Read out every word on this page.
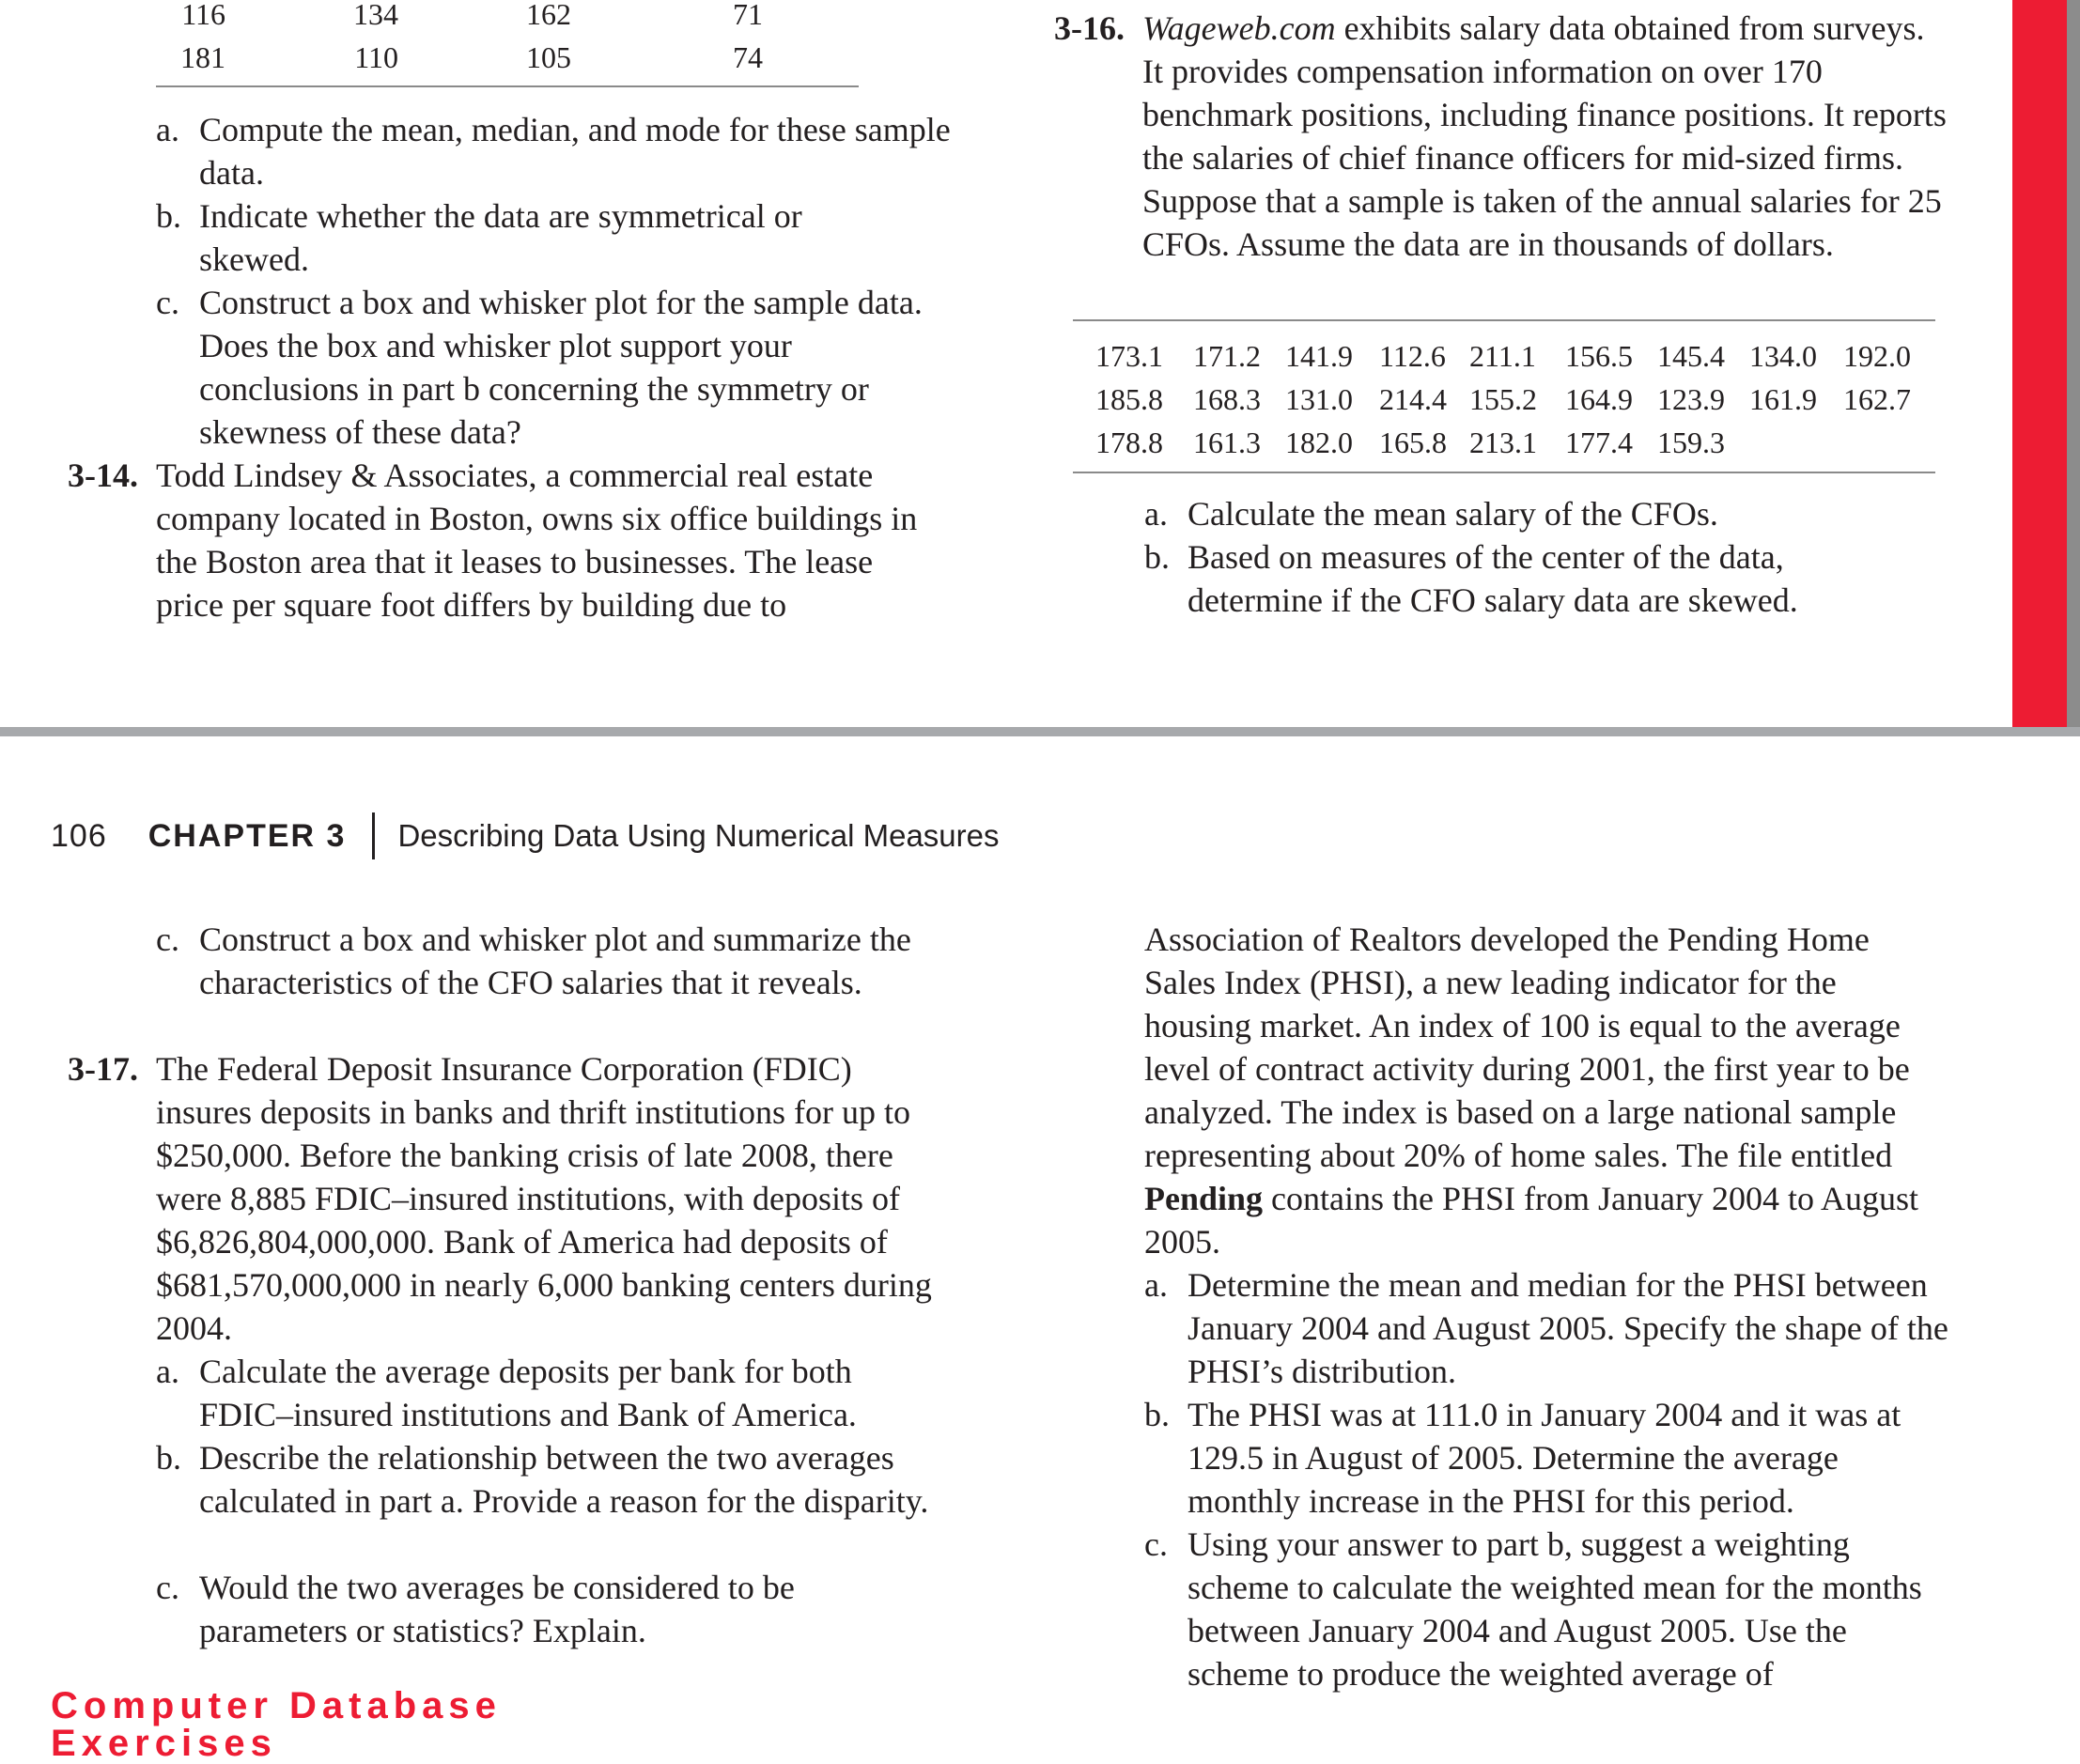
116	134	162	71
181	110	105	74
a. Compute the mean, median, and mode for these sample data.
b. Indicate whether the data are symmetrical or skewed.
c. Construct a box and whisker plot for the sample data. Does the box and whisker plot support your conclusions in part b concerning the symmetry or skewness of these data?
3-14. Todd Lindsey & Associates, a commercial real estate company located in Boston, owns six office buildings in the Boston area that it leases to businesses. The lease price per square foot differs by building due to
3-16. Wageweb.com exhibits salary data obtained from surveys. It provides compensation information on over 170 benchmark positions, including finance positions. It reports the salaries of chief finance officers for mid-sized firms. Suppose that a sample is taken of the annual salaries for 25 CFOs. Assume the data are in thousands of dollars.
173.1 171.2 141.9 112.6 211.1 156.5 145.4 134.0 192.0
185.8 168.3 131.0 214.4 155.2 164.9 123.9 161.9 162.7
178.8 161.3 182.0 165.8 213.1 177.4 159.3
a. Calculate the mean salary of the CFOs.
b. Based on measures of the center of the data, determine if the CFO salary data are skewed.
106 CHAPTER 3 Describing Data Using Numerical Measures
c. Construct a box and whisker plot and summarize the characteristics of the CFO salaries that it reveals.
3-17. The Federal Deposit Insurance Corporation (FDIC) insures deposits in banks and thrift institutions for up to $250,000. Before the banking crisis of late 2008, there were 8,885 FDIC–insured institutions, with deposits of $6,826,804,000,000. Bank of America had deposits of $681,570,000,000 in nearly 6,000 banking centers during 2004.
a. Calculate the average deposits per bank for both FDIC–insured institutions and Bank of America.
b. Describe the relationship between the two averages calculated in part a. Provide a reason for the disparity.
c. Would the two averages be considered to be parameters or statistics? Explain.
Association of Realtors developed the Pending Home Sales Index (PHSI), a new leading indicator for the housing market. An index of 100 is equal to the average level of contract activity during 2001, the first year to be analyzed. The index is based on a large national sample representing about 20% of home sales. The file entitled Pending contains the PHSI from January 2004 to August 2005.
a. Determine the mean and median for the PHSI between January 2004 and August 2005. Specify the shape of the PHSI’s distribution.
b. The PHSI was at 111.0 in January 2004 and it was at 129.5 in August of 2005. Determine the average monthly increase in the PHSI for this period.
c. Using your answer to part b, suggest a weighting scheme to calculate the weighted mean for the months between January 2004 and August 2005. Use the scheme to produce the weighted average of
Computer Database Exercises
